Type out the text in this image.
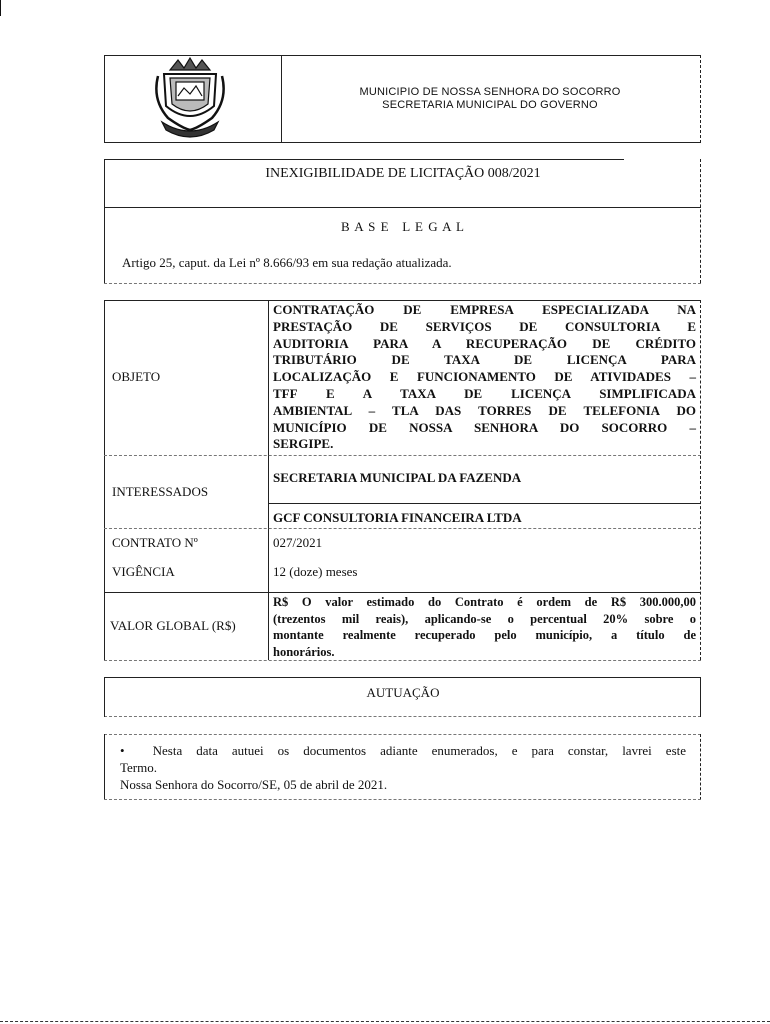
MUNICIPIO DE NOSSA SENHORA DO SOCORRO
SECRETARIA MUNICIPAL DO GOVERNO
INEXIGIBILIDADE DE LICITAÇÃO 008/2021
B A S E   L E G A L
Artigo 25, caput. da Lei nº 8.666/93 em sua redação atualizada.
OBJETO
CONTRATAÇÃO DE EMPRESA ESPECIALIZADA NA
PRESTAÇÃO DE SERVIÇOS DE CONSULTORIA E
AUDITORIA PARA A RECUPERAÇÃO DE CRÉDITO
TRIBUTÁRIO DE TAXA DE LICENÇA PARA
LOCALIZAÇÃO E FUNCIONAMENTO DE ATIVIDADES –
TFF E A TAXA DE LICENÇA SIMPLIFICADA
AMBIENTAL – TLA DAS TORRES DE TELEFONIA DO
MUNICÍPIO DE NOSSA SENHORA DO SOCORRO –
SERGIPE.
INTERESSADOS
SECRETARIA MUNICIPAL DA FAZENDA
GCF CONSULTORIA FINANCEIRA LTDA
CONTRATO Nº	027/2021
VIGÊNCIA	12 (doze) meses
VALOR GLOBAL (R$)
R$ O valor estimado do Contrato é ordem de R$ 300.000,00
(trezentos mil reais), aplicando-se o percentual 20% sobre o
montante realmente recuperado pelo município, a título de
honorários.
AUTUAÇÃO
• Nesta data autuei os documentos adiante enumerados, e para constar, lavrei este
Termo.
Nossa Senhora do Socorro/SE, 05 de abril de 2021.
